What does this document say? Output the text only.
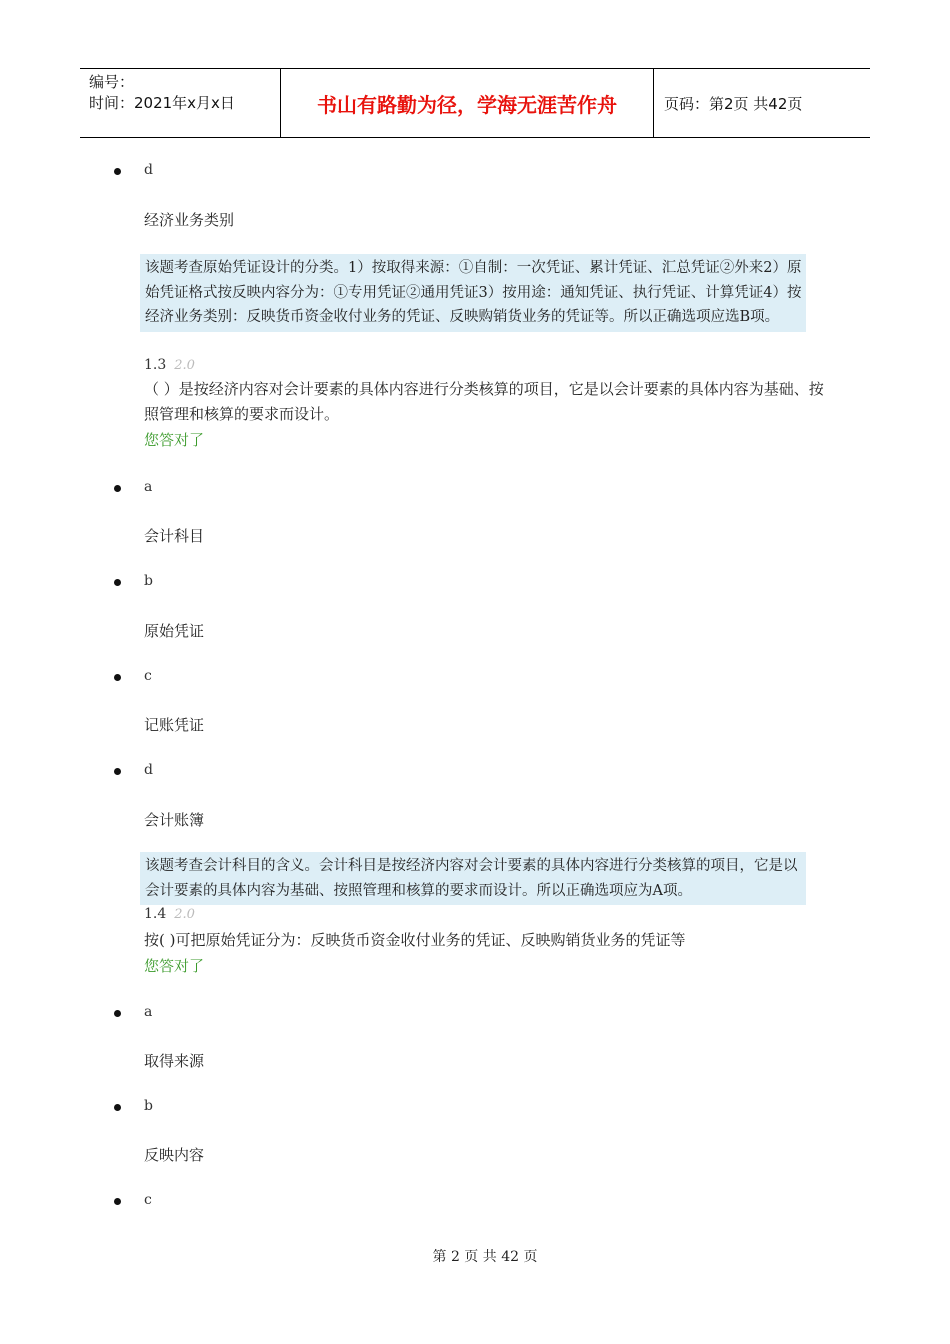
编号：
时间：2021年x月x日	书山有路勤为径，学海无涯苦作舟	页码：第2页 共42页
d
经济业务类别
该题考查原始凭证设计的分类。1）按取得来源：①自制：一次凭证、累计凭证、汇总凭证②外来2）原始凭证格式按反映内容分为：①专用凭证②通用凭证3）按用途：通知凭证、执行凭证、计算凭证4）按经济业务类别：反映货币资金收付业务的凭证、反映购销货业务的凭证等。所以正确选项应选B项。
1.3 2.0
（ ）是按经济内容对会计要素的具体内容进行分类核算的项目，它是以会计要素的具体内容为基础、按照管理和核算的要求而设计。
您答对了
a
会计科目
b
原始凭证
c
记账凭证
d
会计账簿
该题考查会计科目的含义。会计科目是按经济内容对会计要素的具体内容进行分类核算的项目，它是以会计要素的具体内容为基础、按照管理和核算的要求而设计。所以正确选项应为A项。
1.4 2.0
按( )可把原始凭证分为：反映货币资金收付业务的凭证、反映购销货业务的凭证等
您答对了
a
取得来源
b
反映内容
c
第 2 页 共 42 页
